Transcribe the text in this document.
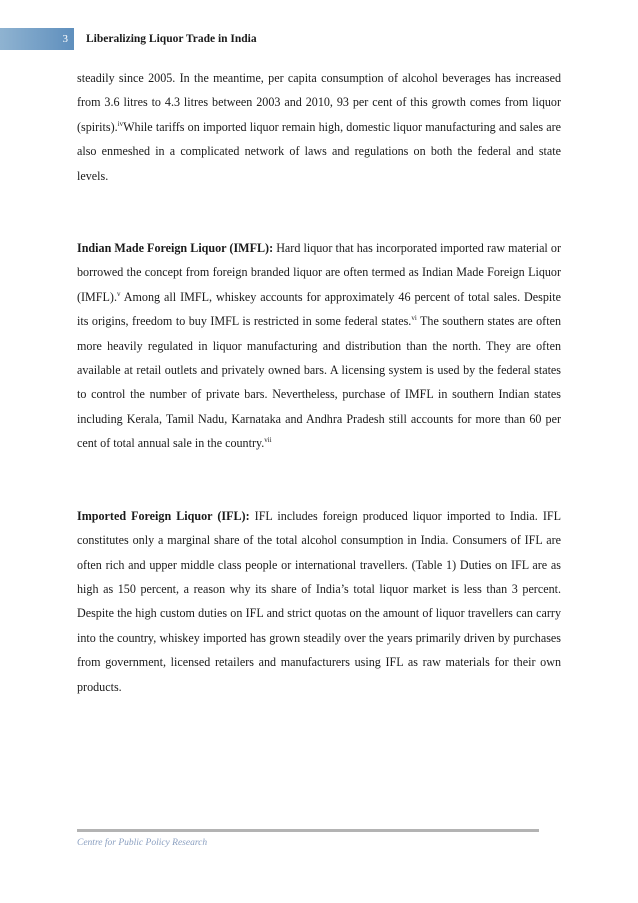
3	Liberalizing Liquor Trade in India

steadily since 2005. In the meantime, per capita consumption of alcohol beverages has increased from 3.6 litres to 4.3 litres between 2003 and 2010, 93 per cent of this growth comes from liquor (spirits).$^{iv}$While tariffs on imported liquor remain high, domestic liquor manufacturing and sales are also enmeshed in a complicated network of laws and regulations on both the federal and state levels.

Indian Made Foreign Liquor (IMFL): Hard liquor that has incorporated imported raw material or borrowed the concept from foreign branded liquor are often termed as Indian Made Foreign Liquor (IMFL).$^v$ Among all IMFL, whiskey accounts for approximately 46 percent of total sales. Despite its origins, freedom to buy IMFL is restricted in some federal states.$^{vi}$ The southern states are often more heavily regulated in liquor manufacturing and distribution than the north. They are often available at retail outlets and privately owned bars. A licensing system is used by the federal states to control the number of private bars. Nevertheless, purchase of IMFL in southern Indian states including Kerala, Tamil Nadu, Karnataka and Andhra Pradesh still accounts for more than 60 per cent of total annual sale in the country.$^{vii}$

Imported Foreign Liquor (IFL): IFL includes foreign produced liquor imported to India. IFL constitutes only a marginal share of the total alcohol consumption in India. Consumers of IFL are often rich and upper middle class people or international travellers. (Table 1) Duties on IFL are as high as 150 percent, a reason why its share of India’s total liquor market is less than 3 percent. Despite the high custom duties on IFL and strict quotas on the amount of liquor travellers can carry into the country, whiskey imported has grown steadily over the years primarily driven by purchases from government, licensed retailers and manufacturers using IFL as raw materials for their own products.

Centre for Public Policy Research
